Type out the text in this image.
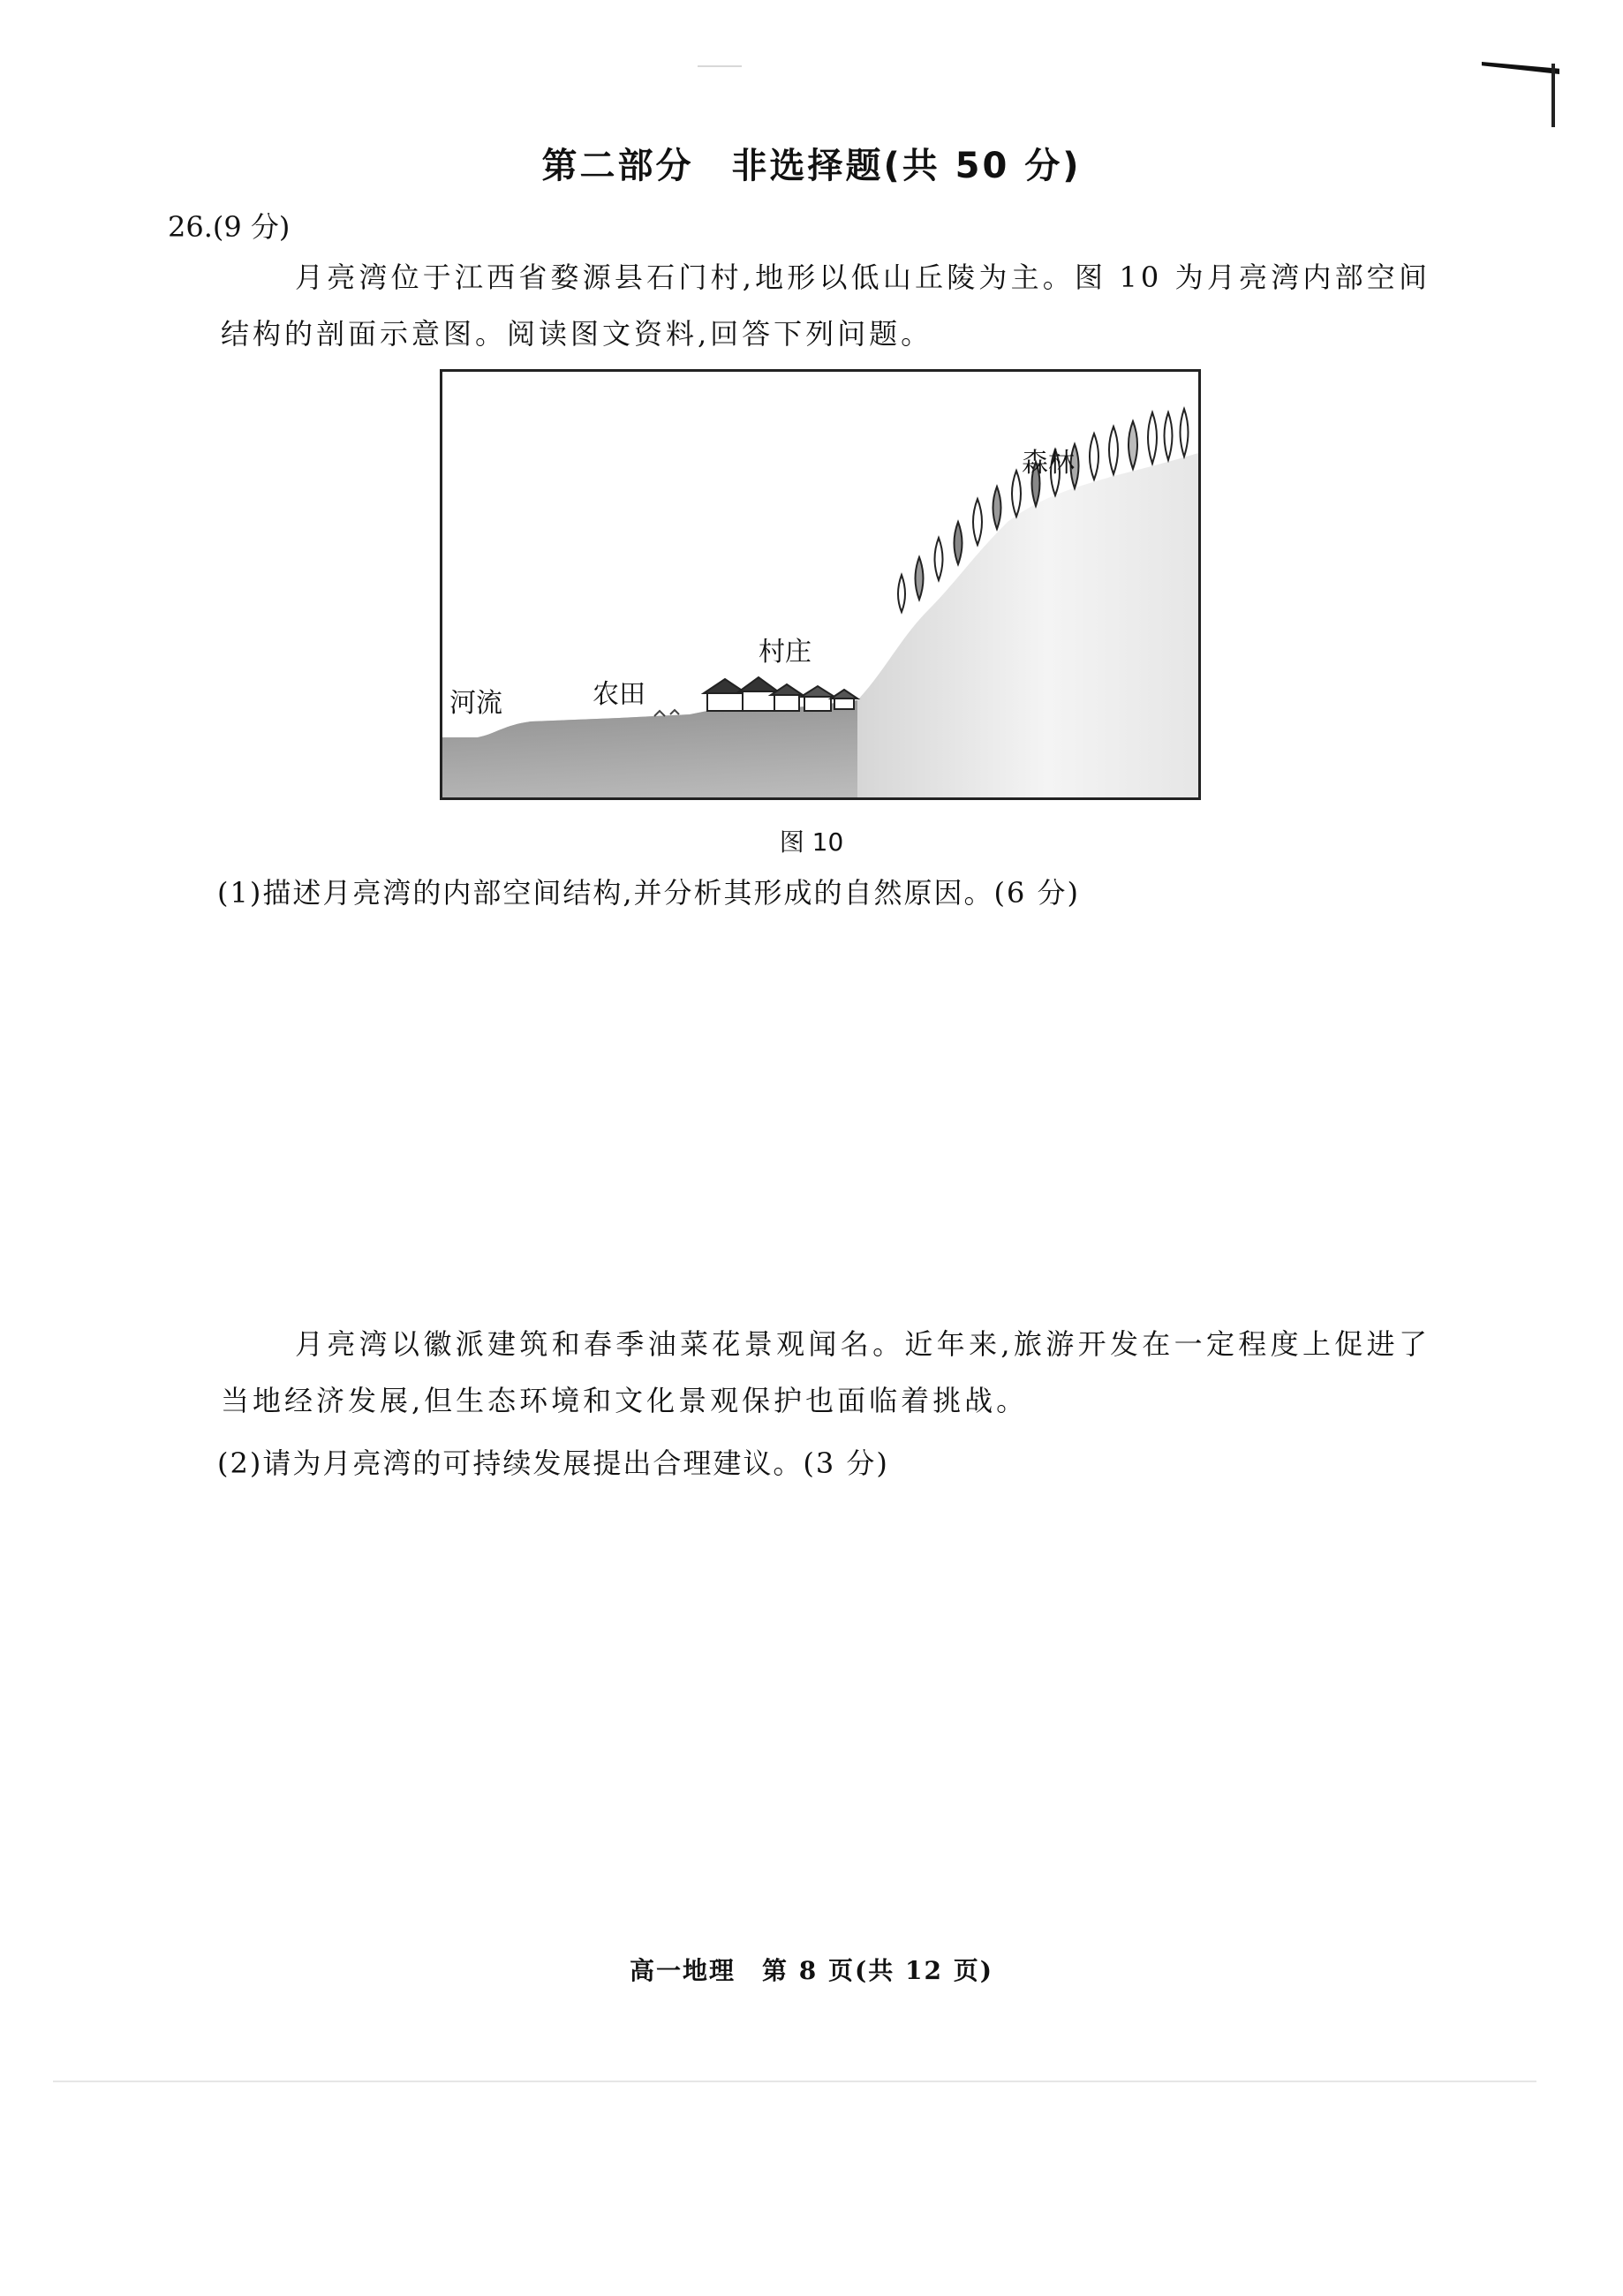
第二部分　非选择题(共 50 分)
26.(9 分)
月亮湾位于江西省婺源县石门村,地形以低山丘陵为主。图 10 为月亮湾内部空间结构的剖面示意图。阅读图文资料,回答下列问题。
河流	农田
村庄
森林
图 10
(1)描述月亮湾的内部空间结构,并分析其形成的自然原因。(6 分)
月亮湾以徽派建筑和春季油菜花景观闻名。近年来,旅游开发在一定程度上促进了当地经济发展,但生态环境和文化景观保护也面临着挑战。
(2)请为月亮湾的可持续发展提出合理建议。(3 分)
高一地理　第 8 页(共 12 页)
